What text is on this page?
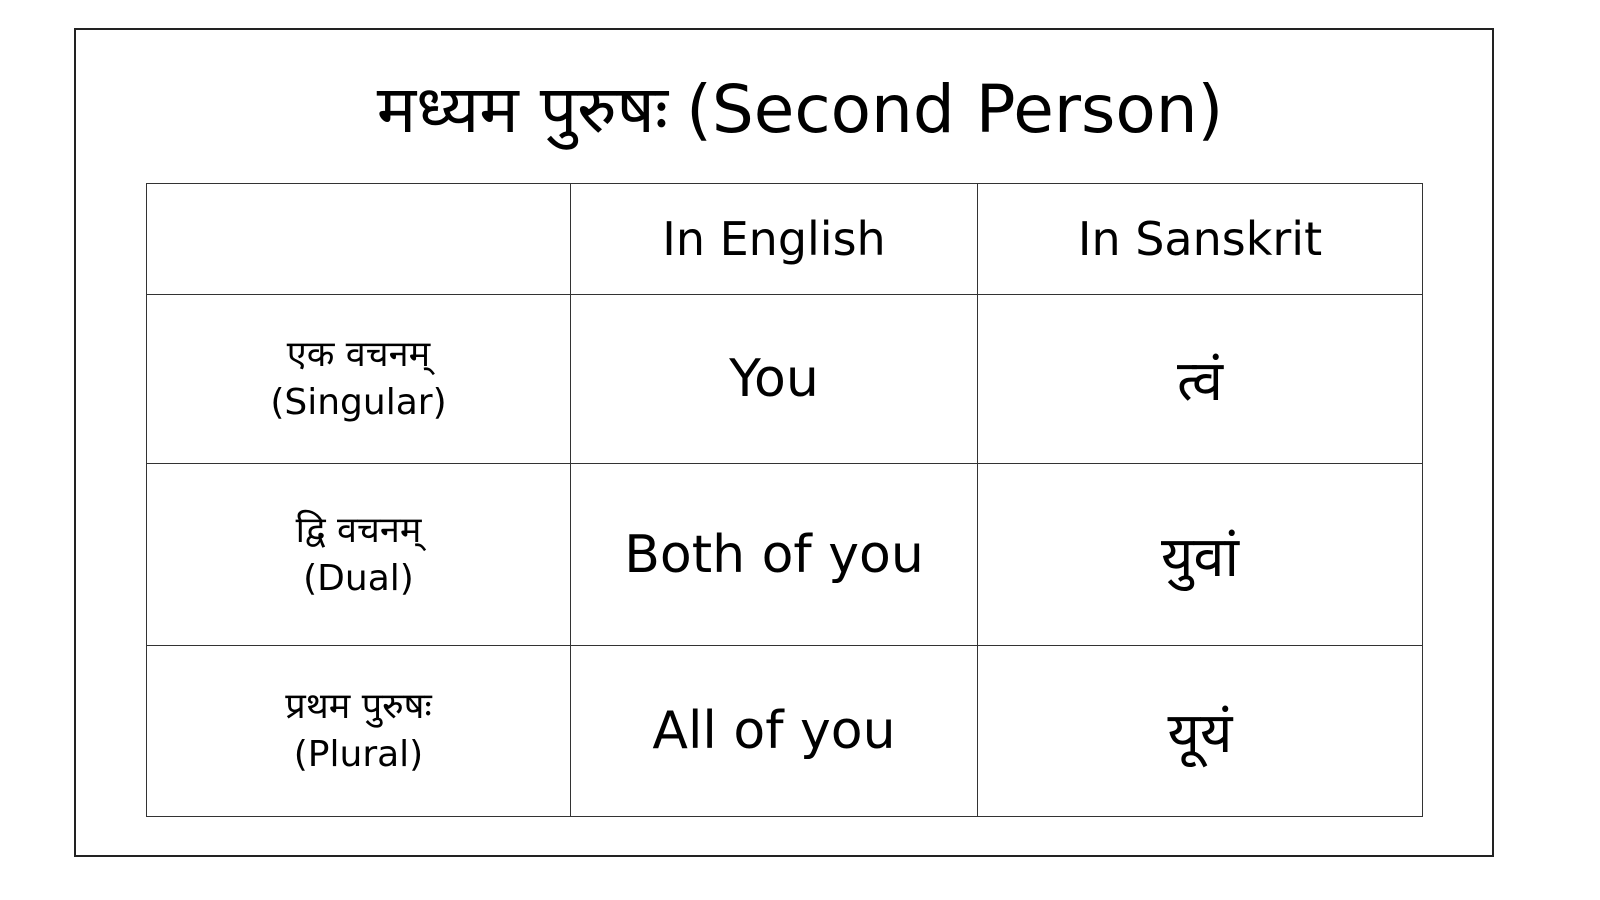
मध्यम पुरुषः (Second Person)
	In English	In Sanskrit

एक वचनम्
(Singular)	You	त्वं

द्वि वचनम्
(Dual)	Both of you	युवां

प्रथम पुरुषः
(Plural)	All of you	यूयं
